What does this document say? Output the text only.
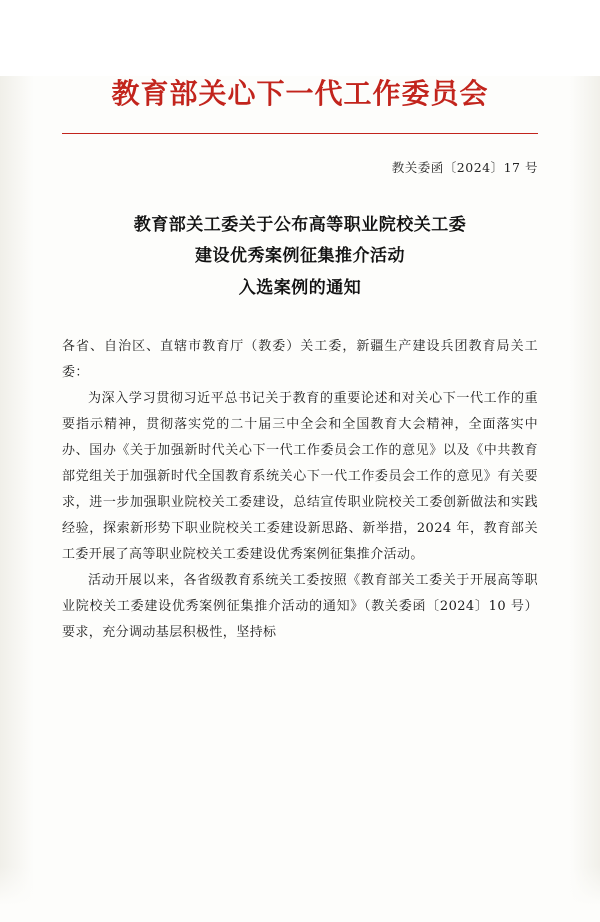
教育部关心下一代工作委员会
教关委函〔2024〕17 号
教育部关工委关于公布高等职业院校关工委
建设优秀案例征集推介活动
入选案例的通知
各省、自治区、直辖市教育厅（教委）关工委，新疆生产建设兵团教育局关工委：

为深入学习贯彻习近平总书记关于教育的重要论述和对关心下一代工作的重要指示精神，贯彻落实党的二十届三中全会和全国教育大会精神，全面落实中办、国办《关于加强新时代关心下一代工作委员会工作的意见》以及《中共教育部党组关于加强新时代全国教育系统关心下一代工作委员会工作的意见》有关要求，进一步加强职业院校关工委建设，总结宣传职业院校关工委创新做法和实践经验，探索新形势下职业院校关工委建设新思路、新举措，2024 年，教育部关工委开展了高等职业院校关工委建设优秀案例征集推介活动。

活动开展以来，各省级教育系统关工委按照《教育部关工委关于开展高等职业院校关工委建设优秀案例征集推介活动的通知》（教关委函〔2024〕10 号）要求，充分调动基层积极性，坚持标
